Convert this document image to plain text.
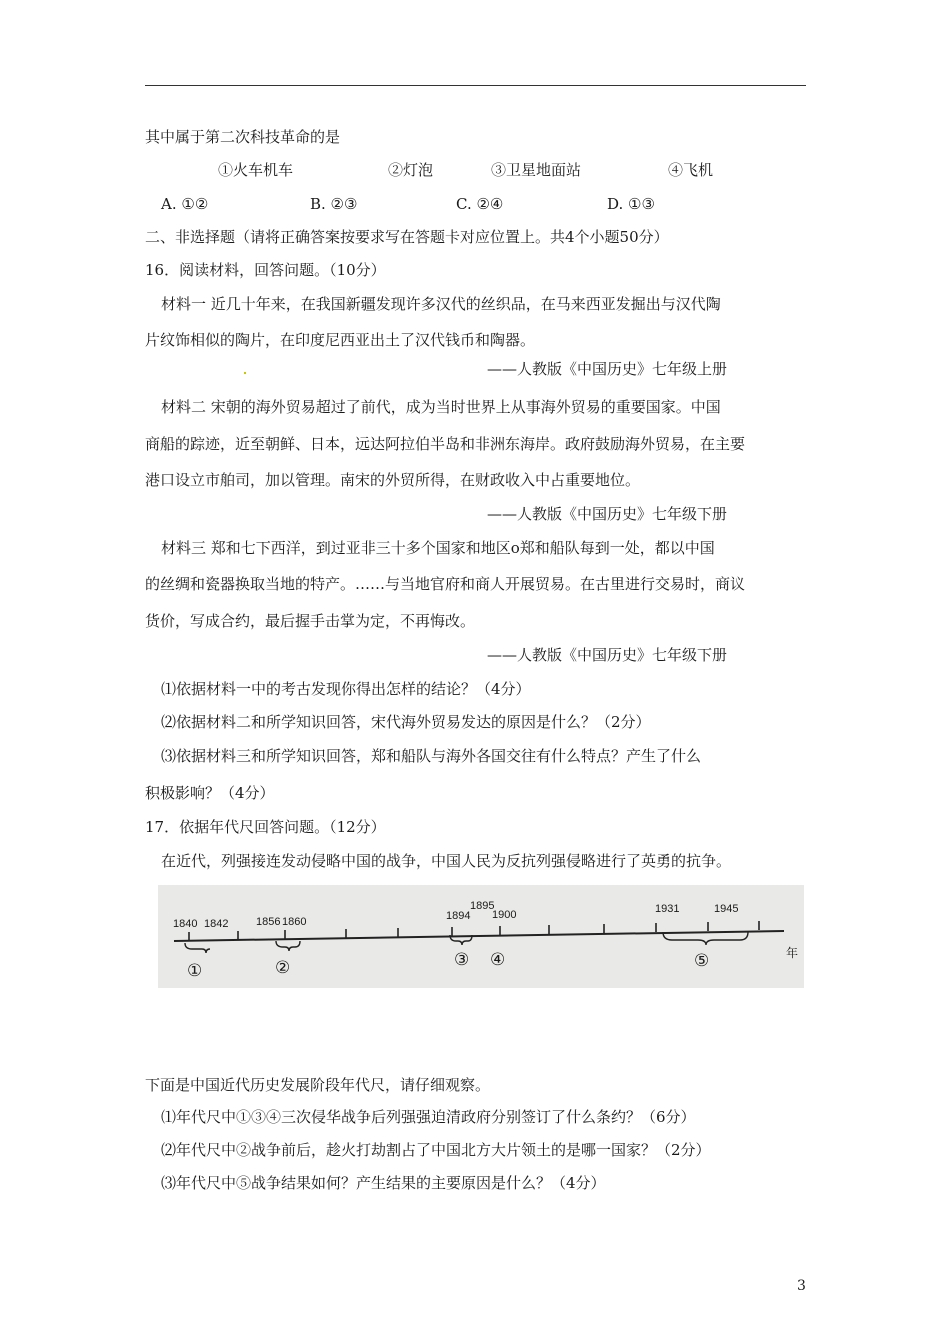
其中属于第二次科技革命的是
①火车机车	②灯泡	③卫星地面站	④飞机
A. ①②	B. ②③	C. ②④	D. ①③
二、非选择题（请将正确答案按要求写在答题卡对应位置上。共4个小题50分）
16．阅读材料，回答问题。（10分）
材料一 近几十年来，在我国新疆发现许多汉代的丝织品，在马来西亚发掘出与汉代陶
片纹饰相似的陶片，在印度尼西亚出土了汉代钱币和陶器。
——人教版《中国历史》七年级上册
材料二 宋朝的海外贸易超过了前代，成为当时世界上从事海外贸易的重要国家。中国
商船的踪迹，近至朝鲜、日本，远达阿拉伯半岛和非洲东海岸。政府鼓励海外贸易，在主要
港口设立市舶司，加以管理。南宋的外贸所得，在财政收入中占重要地位。
——人教版《中国历史》七年级下册
材料三 郑和七下西洋，到过亚非三十多个国家和地区ο郑和船队每到一处，都以中国
的丝绸和瓷器换取当地的特产。……与当地官府和商人开展贸易。在古里进行交易时，商议
货价，写成合约，最后握手击掌为定，不再悔改。
——人教版《中国历史》七年级下册
⑴依据材料一中的考古发现你得出怎样的结论？（4分）
⑵依据材料二和所学知识回答，宋代海外贸易发达的原因是什么？（2分）
⑶依据材料三和所学知识回答，郑和船队与海外各国交往有什么特点？产生了什么
积极影响？（4分）
17．依据年代尺回答问题。（12分）
在近代，列强接连发动侵略中国的战争，中国人民为反抗列强侵略进行了英勇的抗争。
1840 1842	1856 1860	1894
1895
1900	1931	1945
①	②	③ ④	⑤	年
下面是中国近代历史发展阶段年代尺，请仔细观察。
⑴年代尺中①③④三次侵华战争后列强强迫清政府分别签订了什么条约？（6分）
⑵年代尺中②战争前后，趁火打劫割占了中国北方大片领土的是哪一国家？（2分）
⑶年代尺中⑤战争结果如何？产生结果的主要原因是什么？（4分）
3
